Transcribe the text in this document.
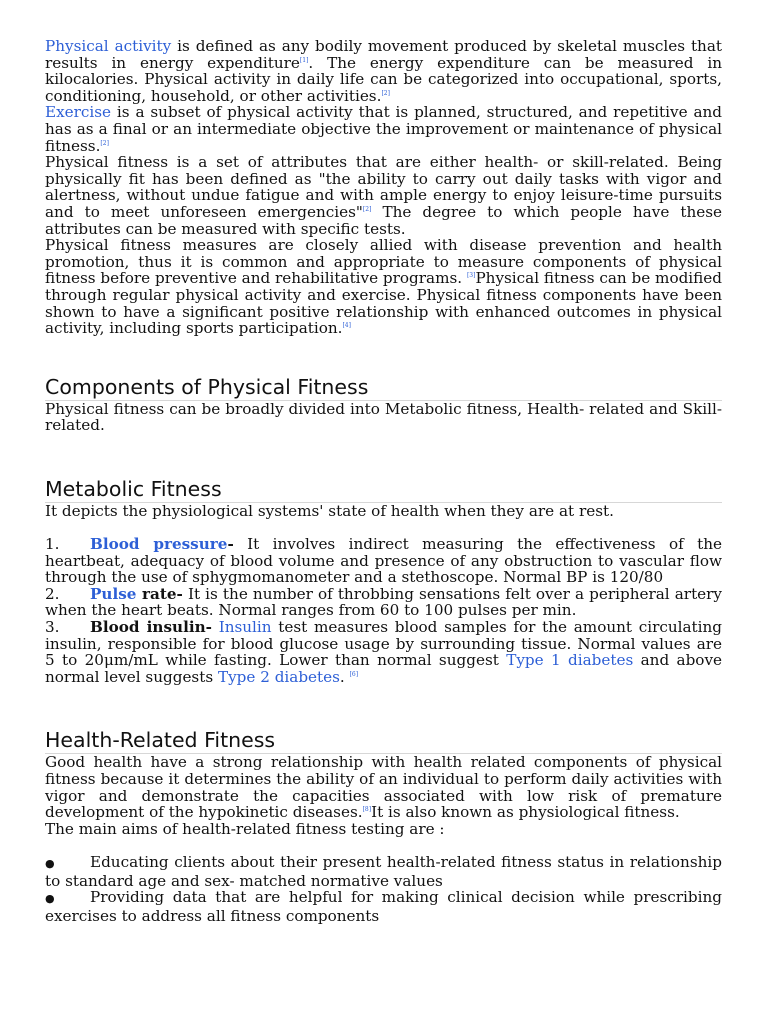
Physical activity is defined as any bodily movement produced by skeletal muscles that results in energy expenditure[1]. The energy expenditure can be measured in kilocalories. Physical activity in daily life can be categorized into occupational, sports, conditioning, household, or other activities.[2]

Exercise is a subset of physical activity that is planned, structured, and repetitive and has as a final or an intermediate objective the improvement or maintenance of physical fitness.[2]

Physical fitness is a set of attributes that are either health- or skill-related. Being physically fit has been defined as "the ability to carry out daily tasks with vigor and alertness, without undue fatigue and with ample energy to enjoy leisure-time pursuits and to meet unforeseen emergencies"[2] The degree to which people have these attributes can be measured with specific tests.

Physical fitness measures are closely allied with disease prevention and health promotion, thus it is common and appropriate to measure components of physical fitness before preventive and rehabilitative programs. [3]Physical fitness can be modified through regular physical activity and exercise. Physical fitness components have been shown to have a significant positive relationship with enhanced outcomes in physical activity, including sports participation.[4]

Components of Physical Fitness

Physical fitness can be broadly divided into Metabolic fitness, Health- related and Skill-related.

Metabolic Fitness

It depicts the physiological systems' state of health when they are at rest.

1. Blood pressure- It involves indirect measuring the effectiveness of the heartbeat, adequacy of blood volume and presence of any obstruction to vascular flow through the use of sphygmomanometer and a stethoscope. Normal BP is 120/80

2. Pulse rate- It is the number of throbbing sensations felt over a peripheral artery when the heart beats. Normal ranges from 60 to 100 pulses per min.

3. Blood insulin- Insulin test measures blood samples for the amount circulating insulin, responsible for blood glucose usage by surrounding tissue. Normal values are 5 to 20μm/mL while fasting. Lower than normal suggest Type 1 diabetes and above normal level suggests Type 2 diabetes. [6]

Health-Related Fitness

Good health have a strong relationship with health related components of physical fitness because it determines the ability of an individual to perform daily activities with vigor and demonstrate the capacities associated with low risk of premature development of the hypokinetic diseases.[8]It is also known as physiological fitness.

The main aims of health-related fitness testing are :

● Educating clients about their present health-related fitness status in relationship to standard age and sex- matched normative values

● Providing data that are helpful for making clinical decision while prescribing exercises to address all fitness components
